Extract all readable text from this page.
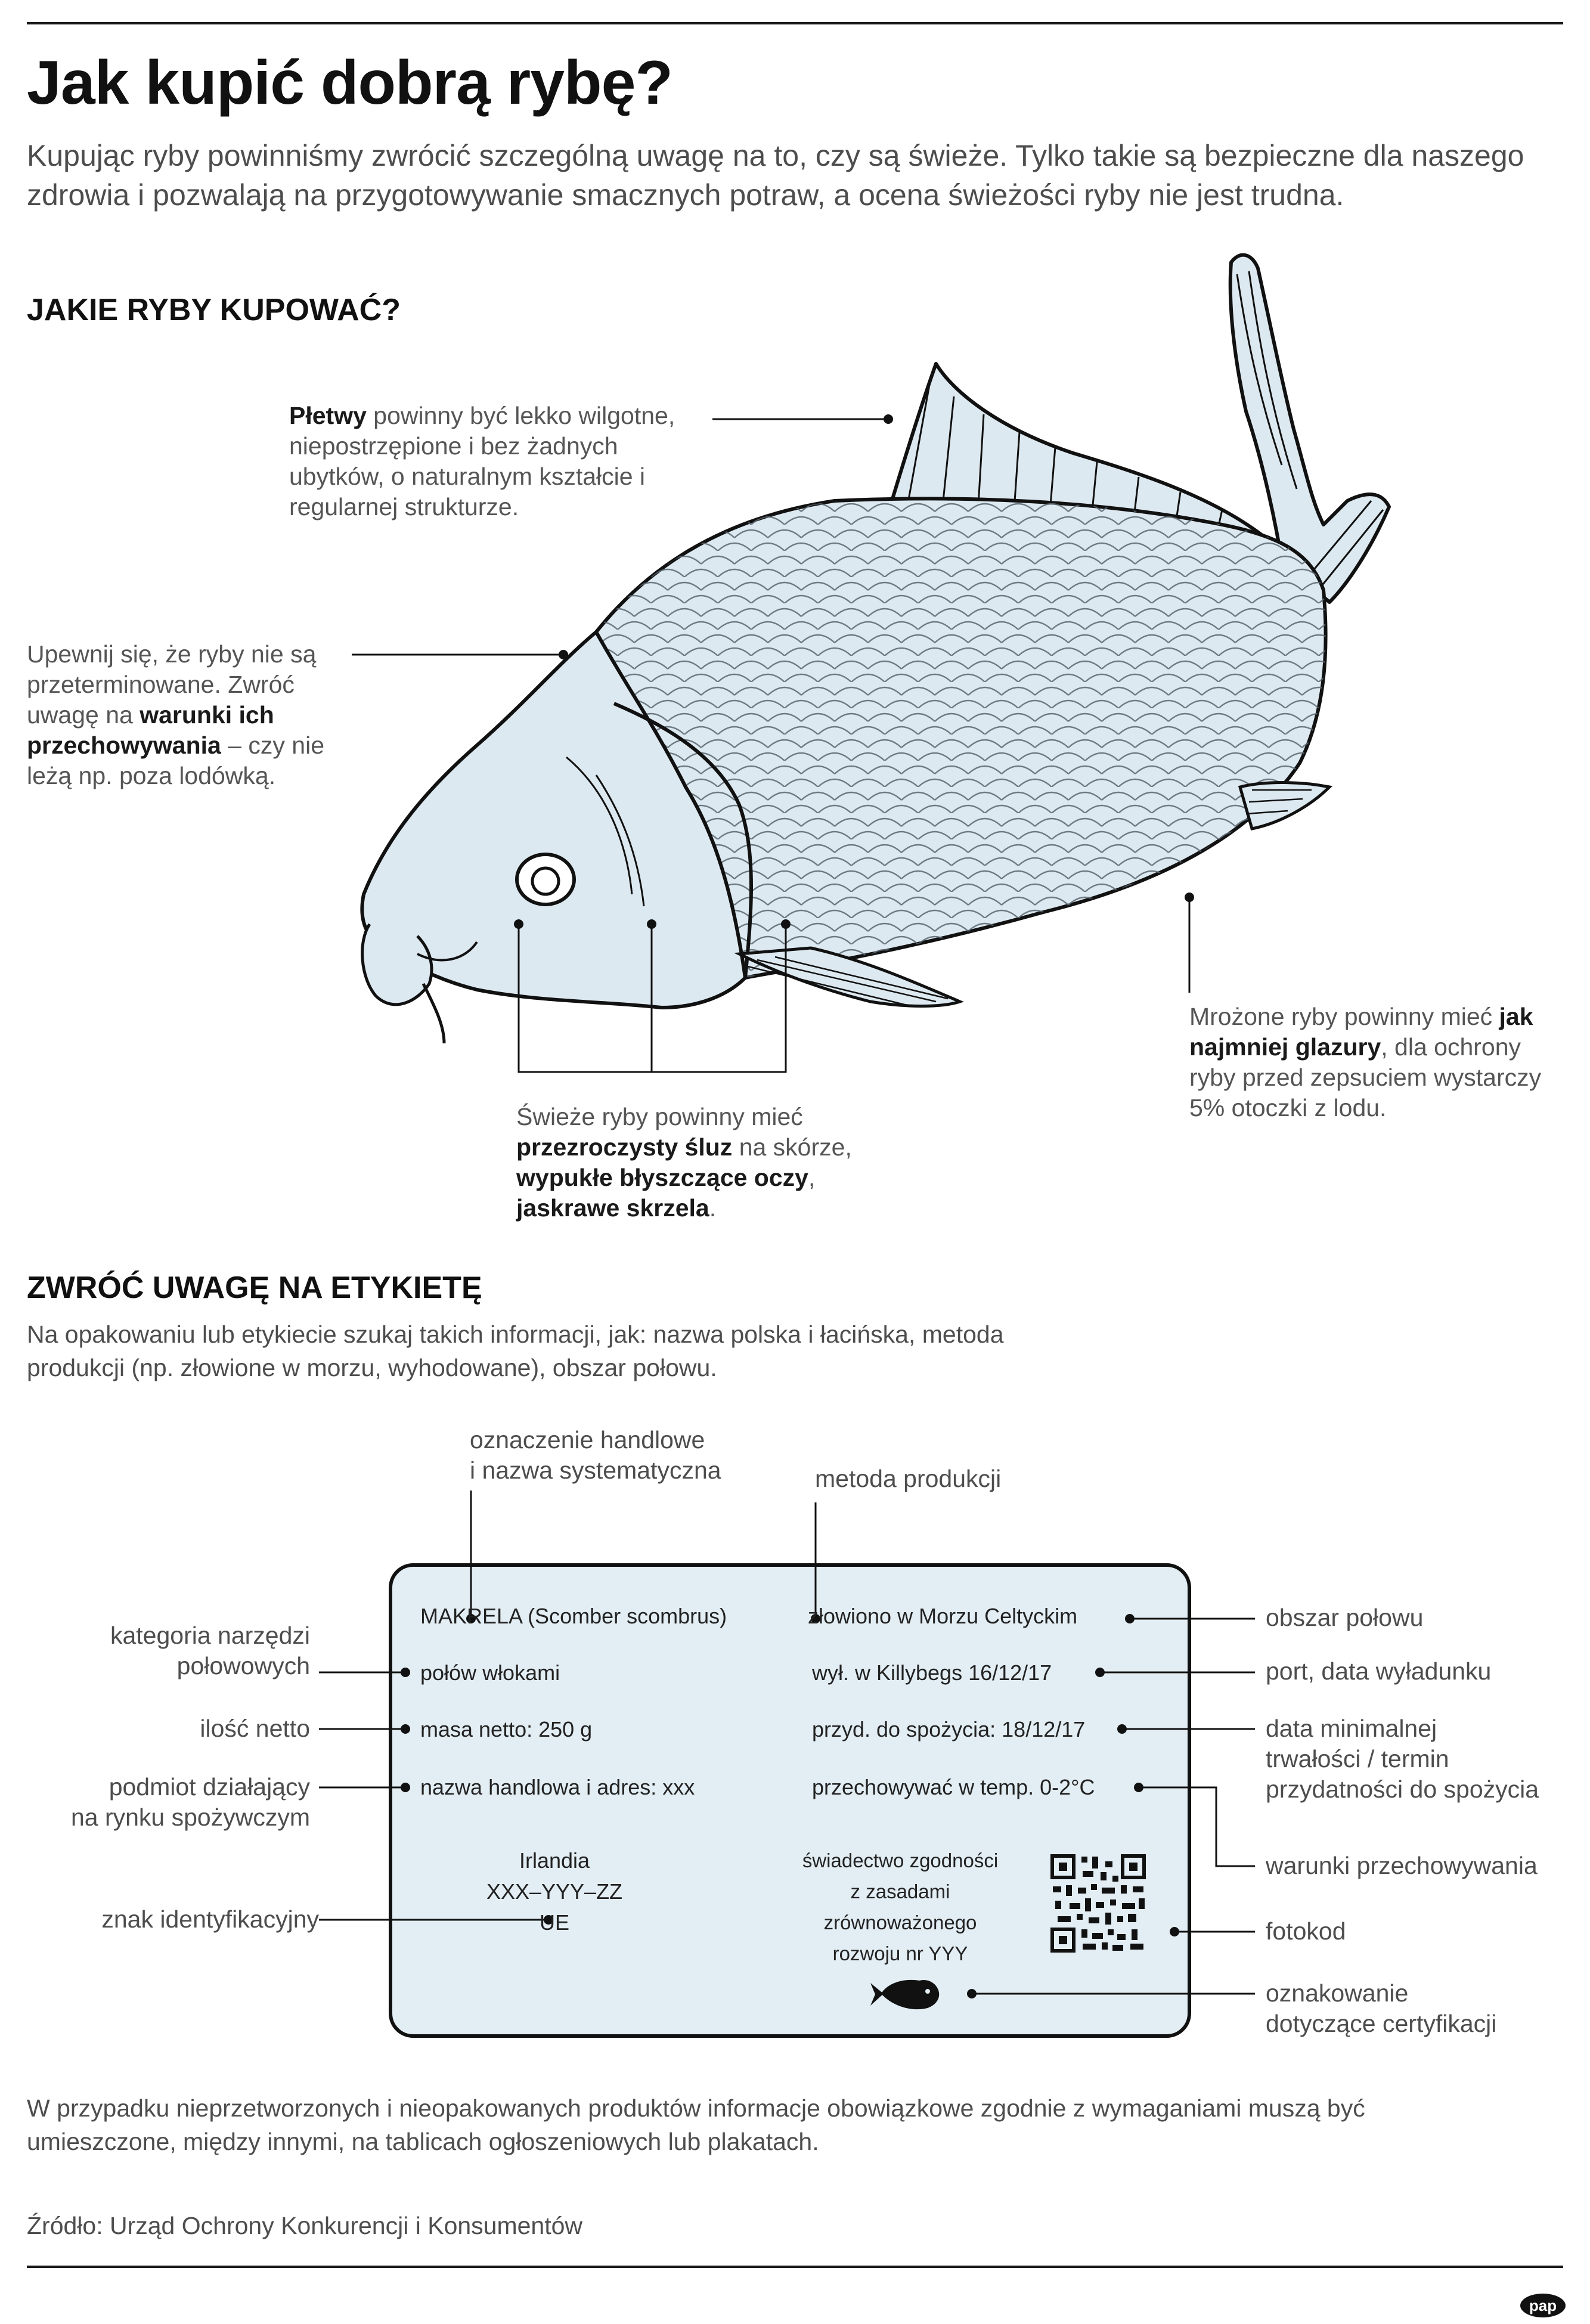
Jak kupić dobrą rybę?
Kupując ryby powinniśmy zwrócić szczególną uwagę na to, czy są świeże. Tylko takie są bezpieczne dla naszego zdrowia i pozwalają na przygotowywanie smacznych potraw, a ocena świeżości ryby nie jest trudna.
JAKIE RYBY KUPOWAĆ?
Płetwy powinny być lekko wilgotne, niepostrzępione i bez żadnych ubytków, o naturalnym kształcie i regularnej strukturze.
Upewnij się, że ryby nie są przeterminowane. Zwróć uwagę na warunki ich przechowywania – czy nie leżą np. poza lodówką.
Świeże ryby powinny mieć przezroczysty śluz na skórze, wypukłe błyszczące oczy, jaskrawe skrzela.
Mrożone ryby powinny mieć jak najmniej glazury, dla ochrony ryby przed zepsuciem wystarczy 5% otoczki z lodu.
ZWRÓĆ UWAGĘ NA ETYKIETĘ
Na opakowaniu lub etykiecie szukaj takich informacji, jak: nazwa polska i łacińska, metoda produkcji (np. złowione w morzu, wyhodowane), obszar połowu.
pap
oznaczenie handlowe
i nazwa systematyczna	metoda produkcji
MAKRELA (Scomber scombrus)	złowiono w Morzu Celtyckim
połów włokami	wył. w Killybegs 16/12/17
masa netto: 250 g	przyd. do spożycia: 18/12/17
nazwa handlowa i adres: xxx	przechowywać w temp. 0-2°C
Irlandia
XXX–YYY–ZZ
UE
świadectwo zgodności
z zasadami
zrównoważonego
rozwoju nr YYY
kategoria narzędzi
połowowych
ilość netto
podmiot działający
na rynku spożywczym
znak identyfikacyjny
obszar połowu
port, data wyładunku
data minimalnej
trwałości / termin
przydatności do spożycia
warunki przechowywania
fotokod
oznakowanie
dotyczące certyfikacji
W przypadku nieprzetworzonych i nieopakowanych produktów informacje obowiązkowe zgodnie z wymaganiami muszą być umieszczone, między innymi, na tablicach ogłoszeniowych lub plakatach.
Źródło: Urząd Ochrony Konkurencji i Konsumentów
